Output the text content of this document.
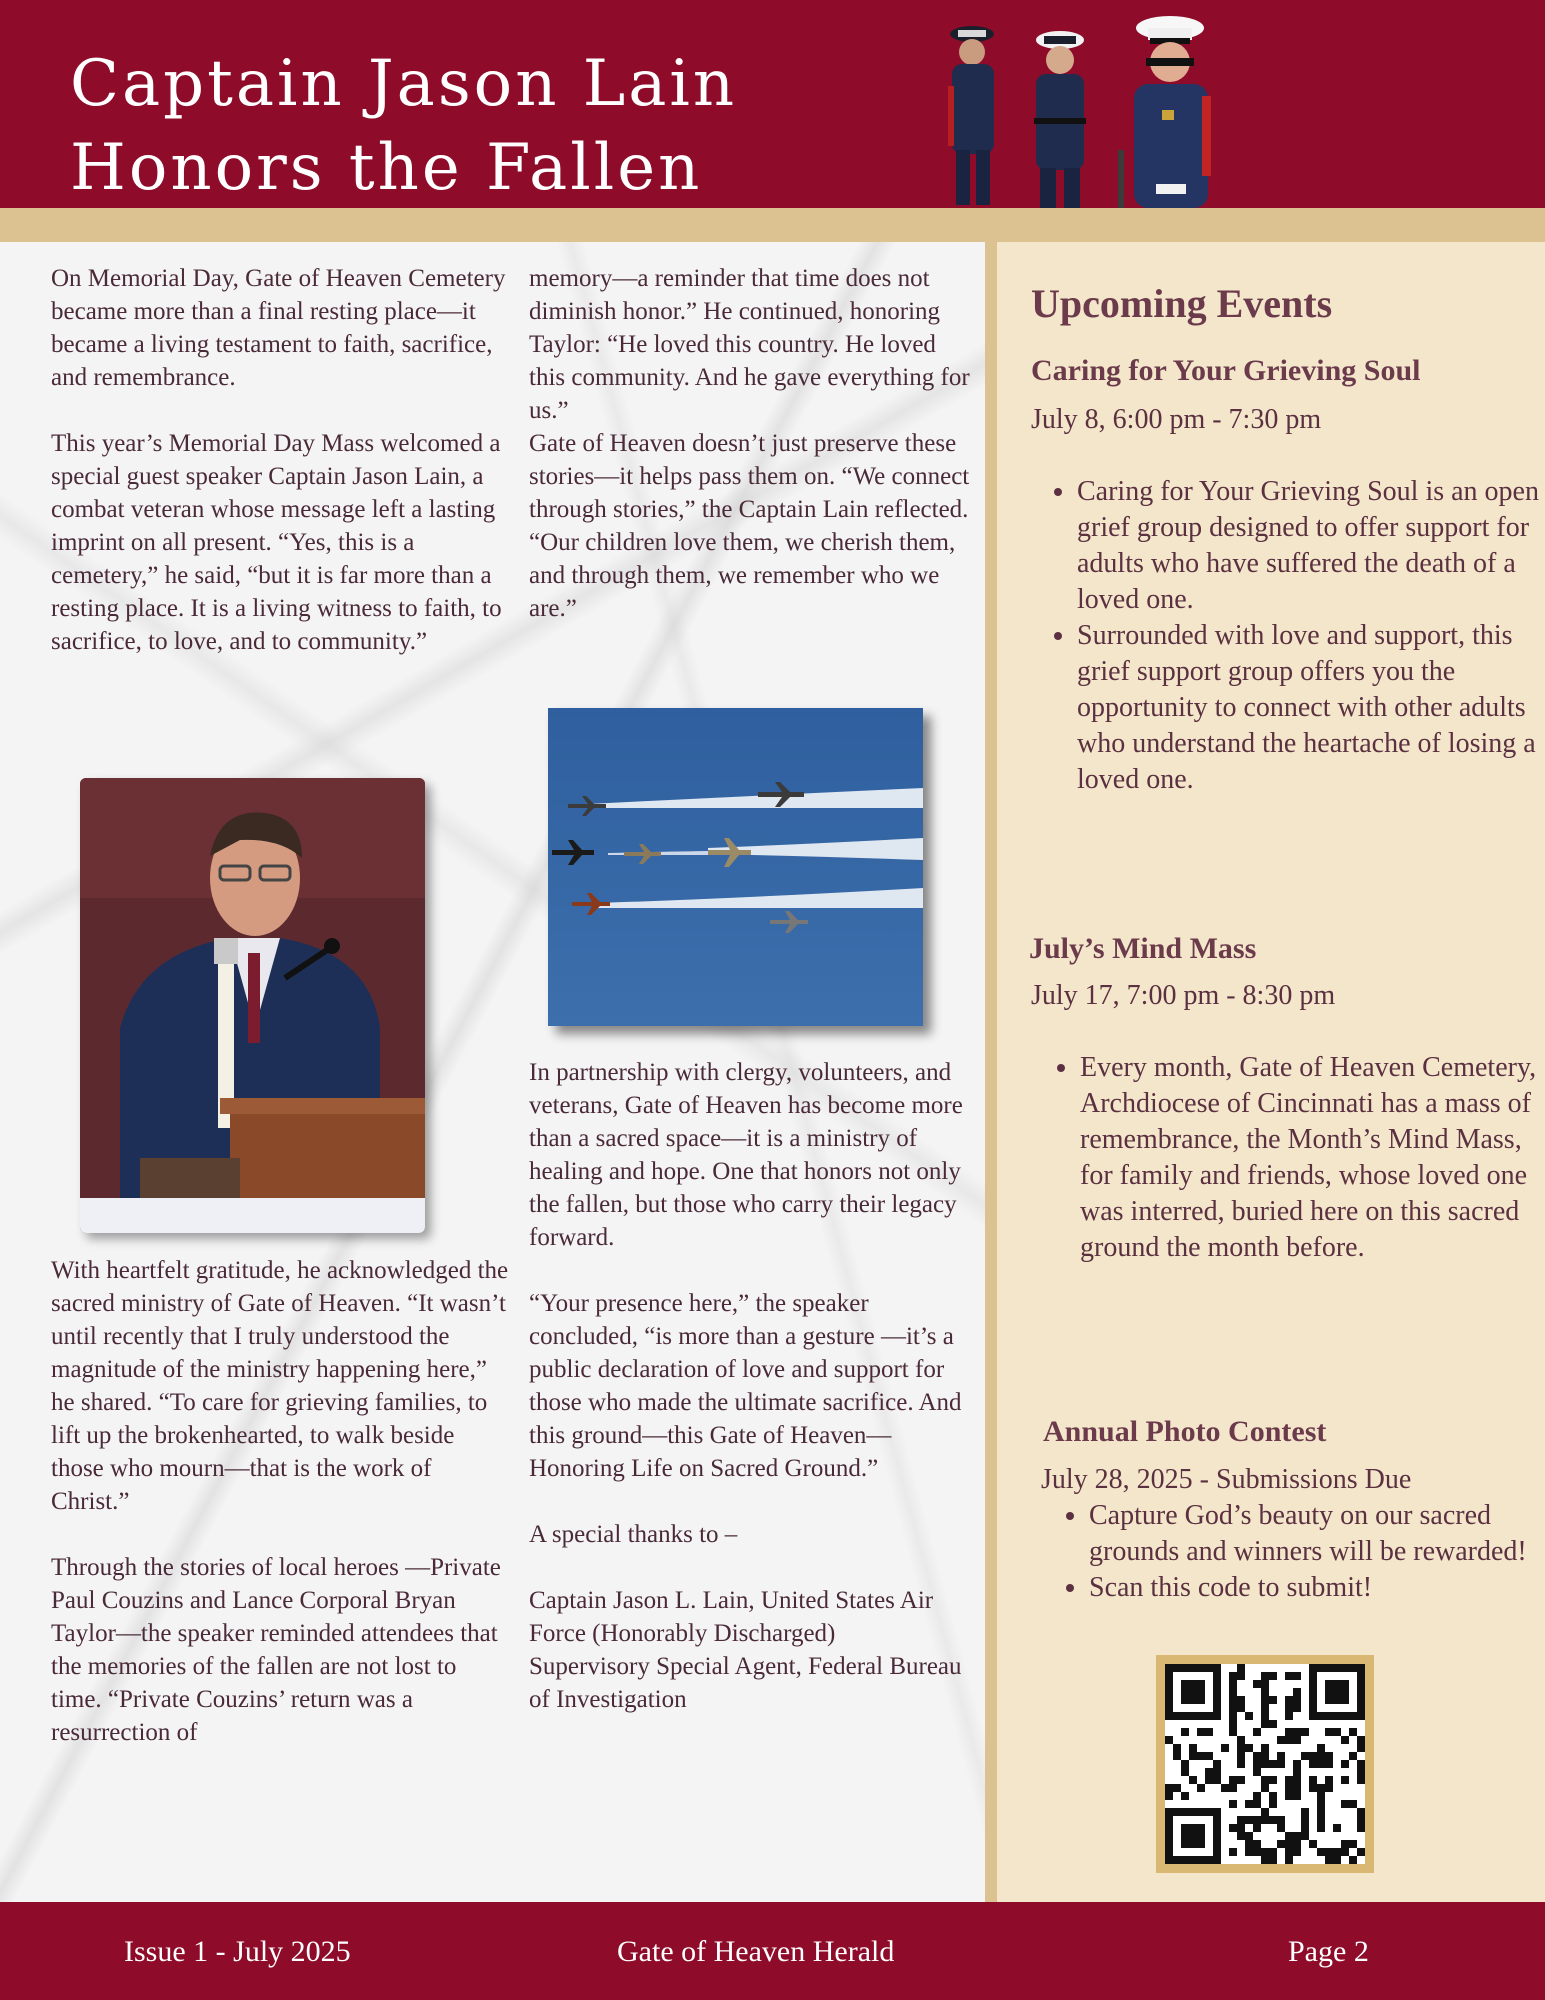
Captain Jason Lain
Honors the Fallen

On Memorial Day, Gate of Heaven Cemetery became more than a final resting place—it became a living testament to faith, sacrifice, and remembrance.

This year’s Memorial Day Mass welcomed a special guest speaker Captain Jason Lain, a combat veteran whose message left a lasting imprint on all present. “Yes, this is a cemetery,” he said, “but it is far more than a resting place. It is a living witness to faith, to sacrifice, to love, and to community.”

With heartfelt gratitude, he acknowledged the sacred ministry of Gate of Heaven. “It wasn’t until recently that I truly understood the magnitude of the ministry happening here,” he shared. “To care for grieving families, to lift up the brokenhearted, to walk beside those who mourn—that is the work of Christ.”

Through the stories of local heroes —Private Paul Couzins and Lance Corporal Bryan Taylor—the speaker reminded attendees that the memories of the fallen are not lost to time. “Private Couzins’ return was a resurrection of

memory—a reminder that time does not diminish honor.” He continued, honoring Taylor: “He loved this country. He loved this community. And he gave everything for us.”

Gate of Heaven doesn’t just preserve these stories—it helps pass them on. “We connect through stories,” the Captain Lain reflected. “Our children love them, we cherish them, and through them, we remember who we are.”

In partnership with clergy, volunteers, and veterans, Gate of Heaven has become more than a sacred space—it is a ministry of healing and hope. One that honors not only the fallen, but those who carry their legacy forward.

“Your presence here,” the speaker concluded, “is more than a gesture —it’s a public declaration of love and support for those who made the ultimate sacrifice. And this ground—this Gate of Heaven—Honoring Life on Sacred Ground.”

A special thanks to –

Captain Jason L. Lain, United States Air Force (Honorably Discharged)

Supervisory Special Agent, Federal Bureau of Investigation

Upcoming Events
Caring for Your Grieving Soul
July 8, 6:00 pm - 7:30 pm
• Caring for Your Grieving Soul is an open grief group designed to offer support for adults who have suffered the death of a loved one.
• Surrounded with love and support, this grief support group offers you the opportunity to connect with other adults who understand the heartache of losing a loved one.
July’s Mind Mass
July 17, 7:00 pm - 8:30 pm
• Every month, Gate of Heaven Cemetery, Archdiocese of Cincinnati has a mass of remembrance, the Month’s Mind Mass, for family and friends, whose loved one was interred, buried here on this sacred ground the month before.
Annual Photo Contest
July 28, 2025 - Submissions Due
• Capture God’s beauty on our sacred grounds and winners will be rewarded!
• Scan this code to submit!
Issue 1 - July 2025	Gate of Heaven Herald	Page 2
